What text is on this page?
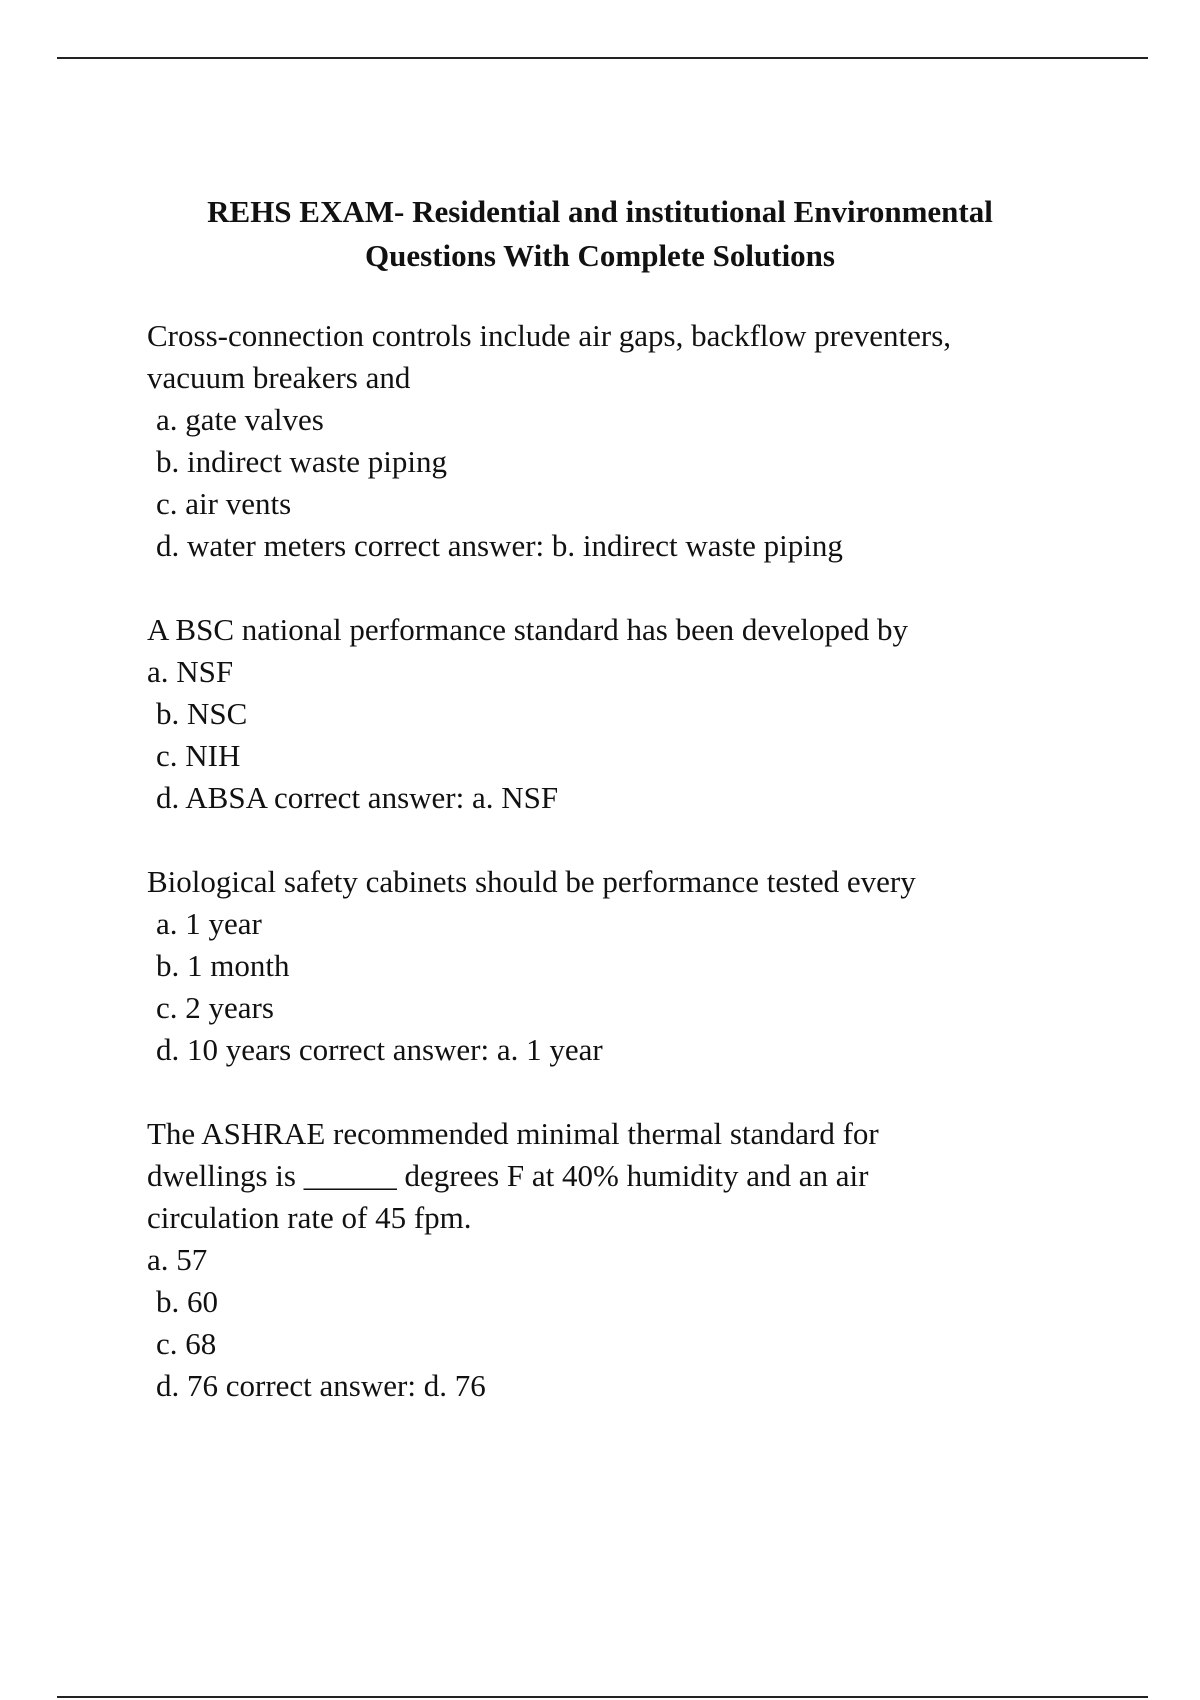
REHS EXAM- Residential and institutional Environmental
Questions With Complete Solutions
Cross-connection controls include air gaps, backflow preventers,
vacuum breakers and
a. gate valves
b. indirect waste piping
c. air vents
d. water meters correct answer: b. indirect waste piping
A BSC national performance standard has been developed by
a. NSF
b. NSC
c. NIH
d. ABSA correct answer: a. NSF
Biological safety cabinets should be performance tested every
a. 1 year
b. 1 month
c. 2 years
d. 10 years correct answer: a. 1 year
The ASHRAE recommended minimal thermal standard for
dwellings is ______ degrees F at 40% humidity and an air
circulation rate of 45 fpm.
a. 57
b. 60
c. 68
d. 76 correct answer: d. 76
